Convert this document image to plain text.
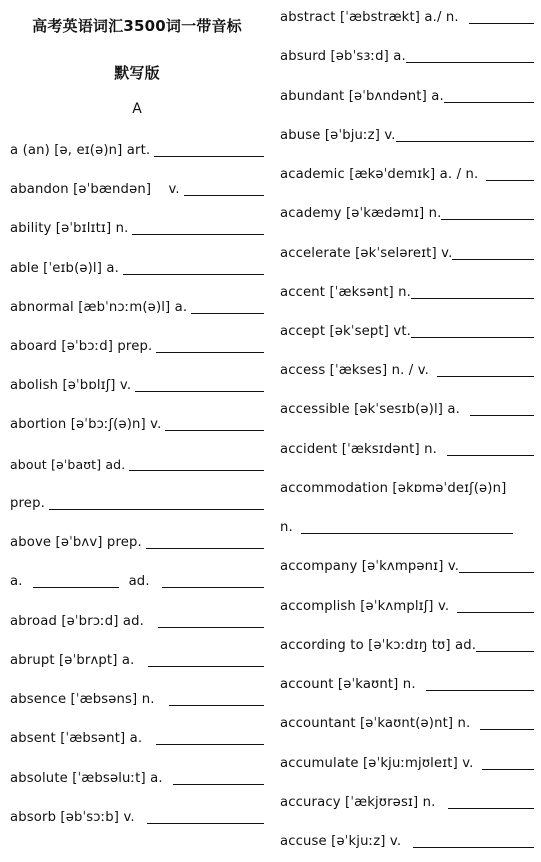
高考英语词汇3500词一带音标
默写版
A
a (an) [ə, eɪ(ə)n] art.
abandon [əˈbændən]    v.
ability [əˈbɪlɪtɪ] n.
able [ˈeɪb(ə)l] a.
abnormal [æbˈnɔːm(ə)l] a.
aboard [əˈbɔːd] prep.
abolish [əˈbɒlɪʃ] v.
abortion [əˈbɔːʃ(ə)n] v.
about [əˈbaʊt] ad.
prep.
above [əˈbʌv] prep.
a.	ad.
abroad [əˈbrɔːd] ad.
abrupt [əˈbrʌpt] a.
absence [ˈæbsəns] n.
absent [ˈæbsənt] a.
absolute [ˈæbsəluːt] a.
absorb [əbˈsɔːb] v.
abstract [ˈæbstrækt] a./ n.
absurd [əbˈsɜːd] a.
abundant [əˈbʌndənt] a.
abuse [əˈbjuːz] v.
academic [ækəˈdemɪk] a. / n.
academy [əˈkædəmɪ] n.
accelerate [əkˈseləreɪt] v.
accent [ˈæksənt] n.
accept [əkˈsept] vt.
access [ˈækses] n. / v.
accessible [əkˈsesɪb(ə)l] a.
accident [ˈæksɪdənt] n.
accommodation [əkɒməˈdeɪʃ(ə)n]
n.
accompany [əˈkʌmpənɪ] v.
accomplish [əˈkʌmplɪʃ] v.
according to [əˈkɔːdɪŋ tʊ] ad.
account [əˈkaʊnt] n.
accountant [əˈkaʊnt(ə)nt] n.
accumulate [əˈkjuːmjʊleɪt] v.
accuracy [ˈækjʊrəsɪ] n.
accuse [əˈkjuːz] v.
